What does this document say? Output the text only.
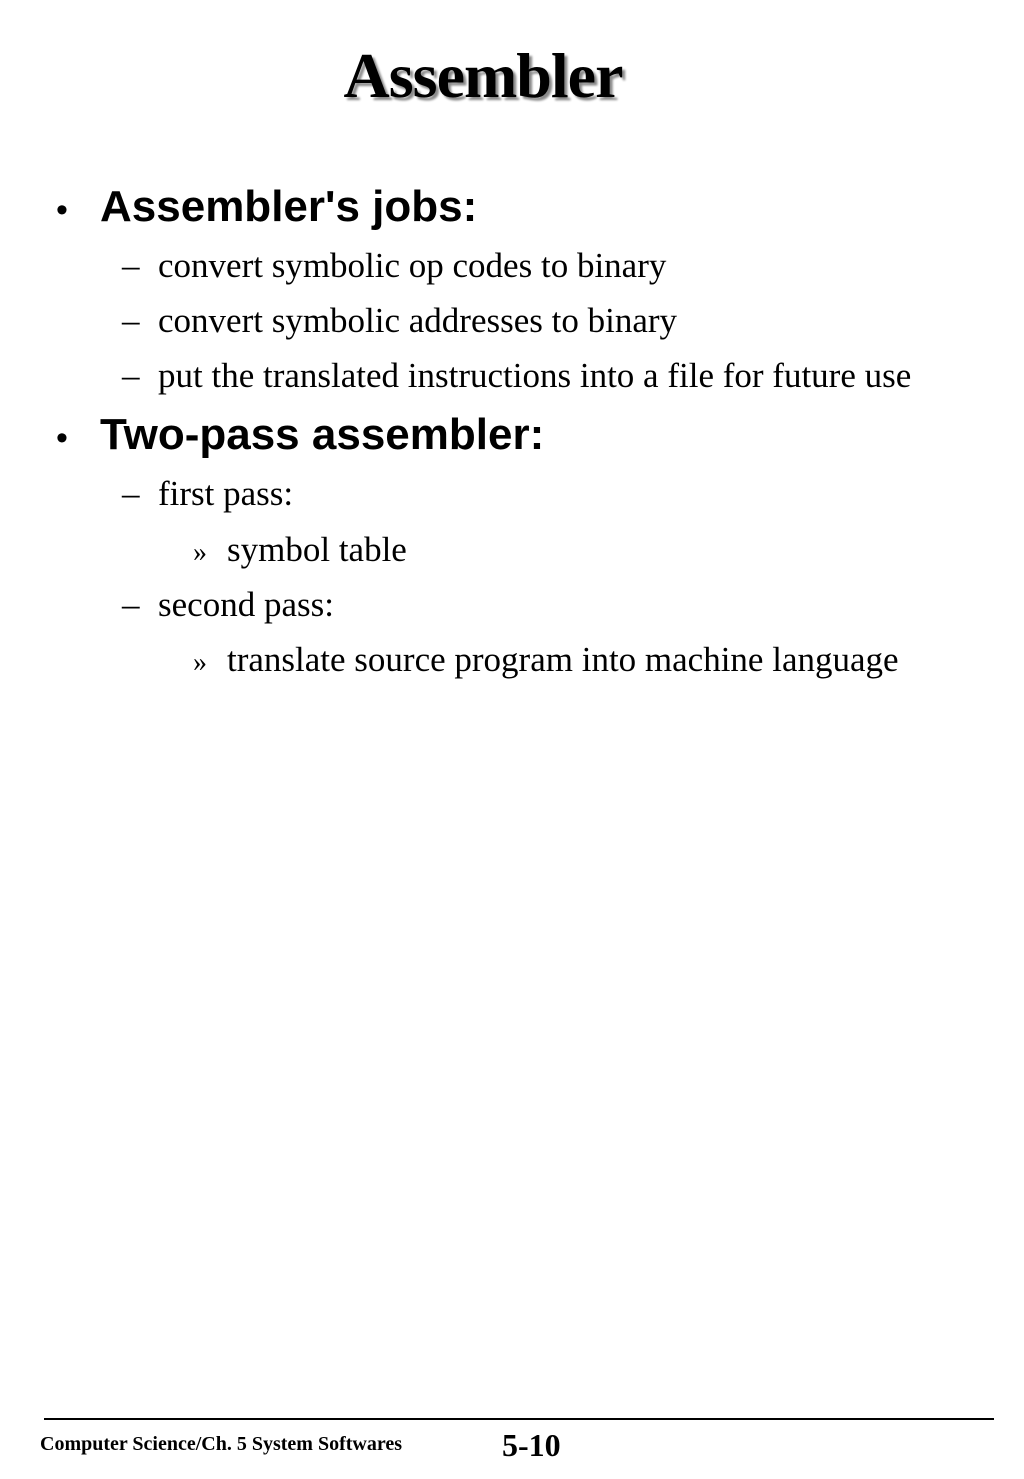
Assembler
• Assembler's jobs:
– convert symbolic op codes to binary
– convert symbolic addresses to binary
– put the translated instructions into a file for future use
• Two-pass assembler:
– first pass:
» symbol table
– second pass:
» translate source program into machine language
Computer Science/Ch. 5 System Softwares	5-10
